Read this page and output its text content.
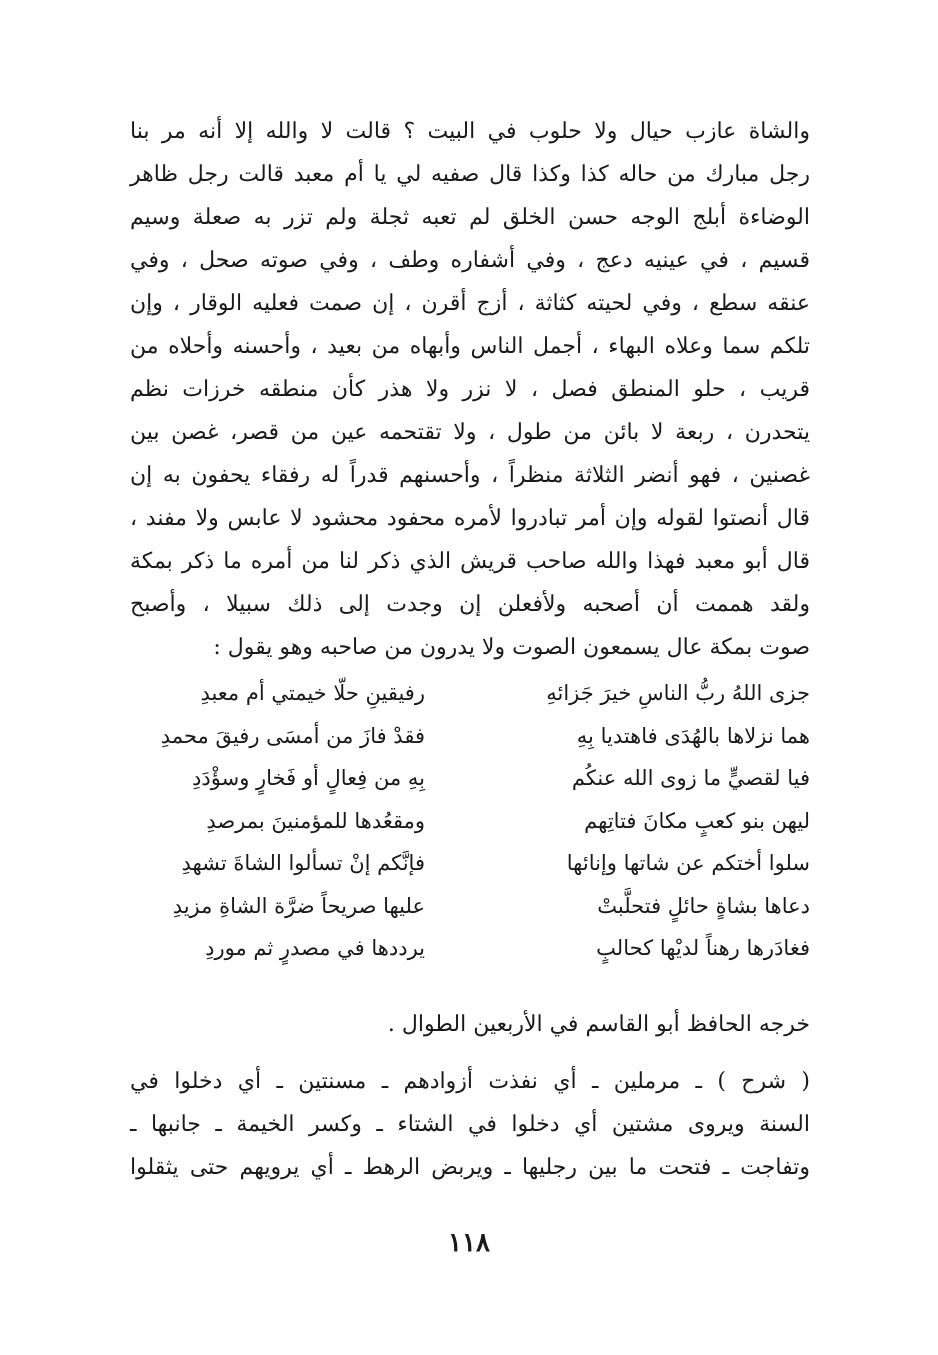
والشاة عازب حيال ولا حلوب في البيت ؟ قالت لا والله إلا أنه مر بنا
رجل مبارك من حاله كذا وكذا قال صفيه لي يا أم معبد قالت رجل ظاهر
الوضاءة أبلج الوجه حسن الخلق لم تعبه ثجلة ولم تزر به صعلة وسيم
قسيم ، في عينيه دعج ، وفي أشفاره وطف ، وفي صوته صحل ، وفي
عنقه سطع ، وفي لحيته كثاثة ، أزج أقرن ، إن صمت فعليه الوقار ، وإن
تلكم سما وعلاه البهاء ، أجمل الناس وأبهاه من بعيد ، وأحسنه وأحلاه من
قريب ، حلو المنطق فصل ، لا نزر ولا هذر كأن منطقه خرزات نظم
يتحدرن ، ربعة لا بائن من طول ، ولا تقتحمه عين من قصر، غصن بين
غصنين ، فهو أنضر الثلاثة منظراً ، وأحسنهم قدراً له رفقاء يحفون به إن
قال أنصتوا لقوله وإن أمر تبادروا لأمره محفود محشود لا عابس ولا مفند ،
قال أبو معبد فهذا والله صاحب قريش الذي ذكر لنا من أمره ما ذكر بمكة
ولقد هممت أن أصحبه ولأفعلن إن وجدت إلى ذلك سبيلا ، وأصبح
صوت بمكة عال يسمعون الصوت ولا يدرون من صاحبه وهو يقول :
جزى اللهُ ربُّ الناسِ خيرَ جَزائهِ
رفيقينِ حلّا خيمتي أم معبدِ
هما نزلاها بالهُدَى فاهتديا بِهِ
فقدْ فازَ من أمسَى رفيقَ محمدِ
فيا لقصيٍّ ما زوى الله عنكُم
بِهِ من فِعالٍ أو فَخارٍ وسؤْدَدِ
ليهن بنو كعبٍ مكانَ فتاتِهم
ومقعُدها للمؤمنينَ بمرصدِ
سلوا أختكم عن شاتها وإنائها
فإنَّكم إنْ تسألوا الشاةَ تشهدِ
دعاها بشاةٍ حائلٍ فتحلَّبتْ
عليها صريحاً ضرَّة الشاةِ مزيدِ
فغادَرها رهناً لديْها كحالبٍ
يرددها في مصدرٍ ثم موردِ
خرجه الحافظ أبو القاسم في الأربعين الطوال .
( شرح ) ـ مرملين ـ أي نفذت أزوادهم ـ مسنتين ـ أي دخلوا في
السنة ويروى مشتين أي دخلوا في الشتاء ـ وكسر الخيمة ـ جانبها ـ
وتفاجت ـ فتحت ما بين رجليها ـ ويربض الرهط ـ أي يرويهم حتى يثقلوا
١١٨
